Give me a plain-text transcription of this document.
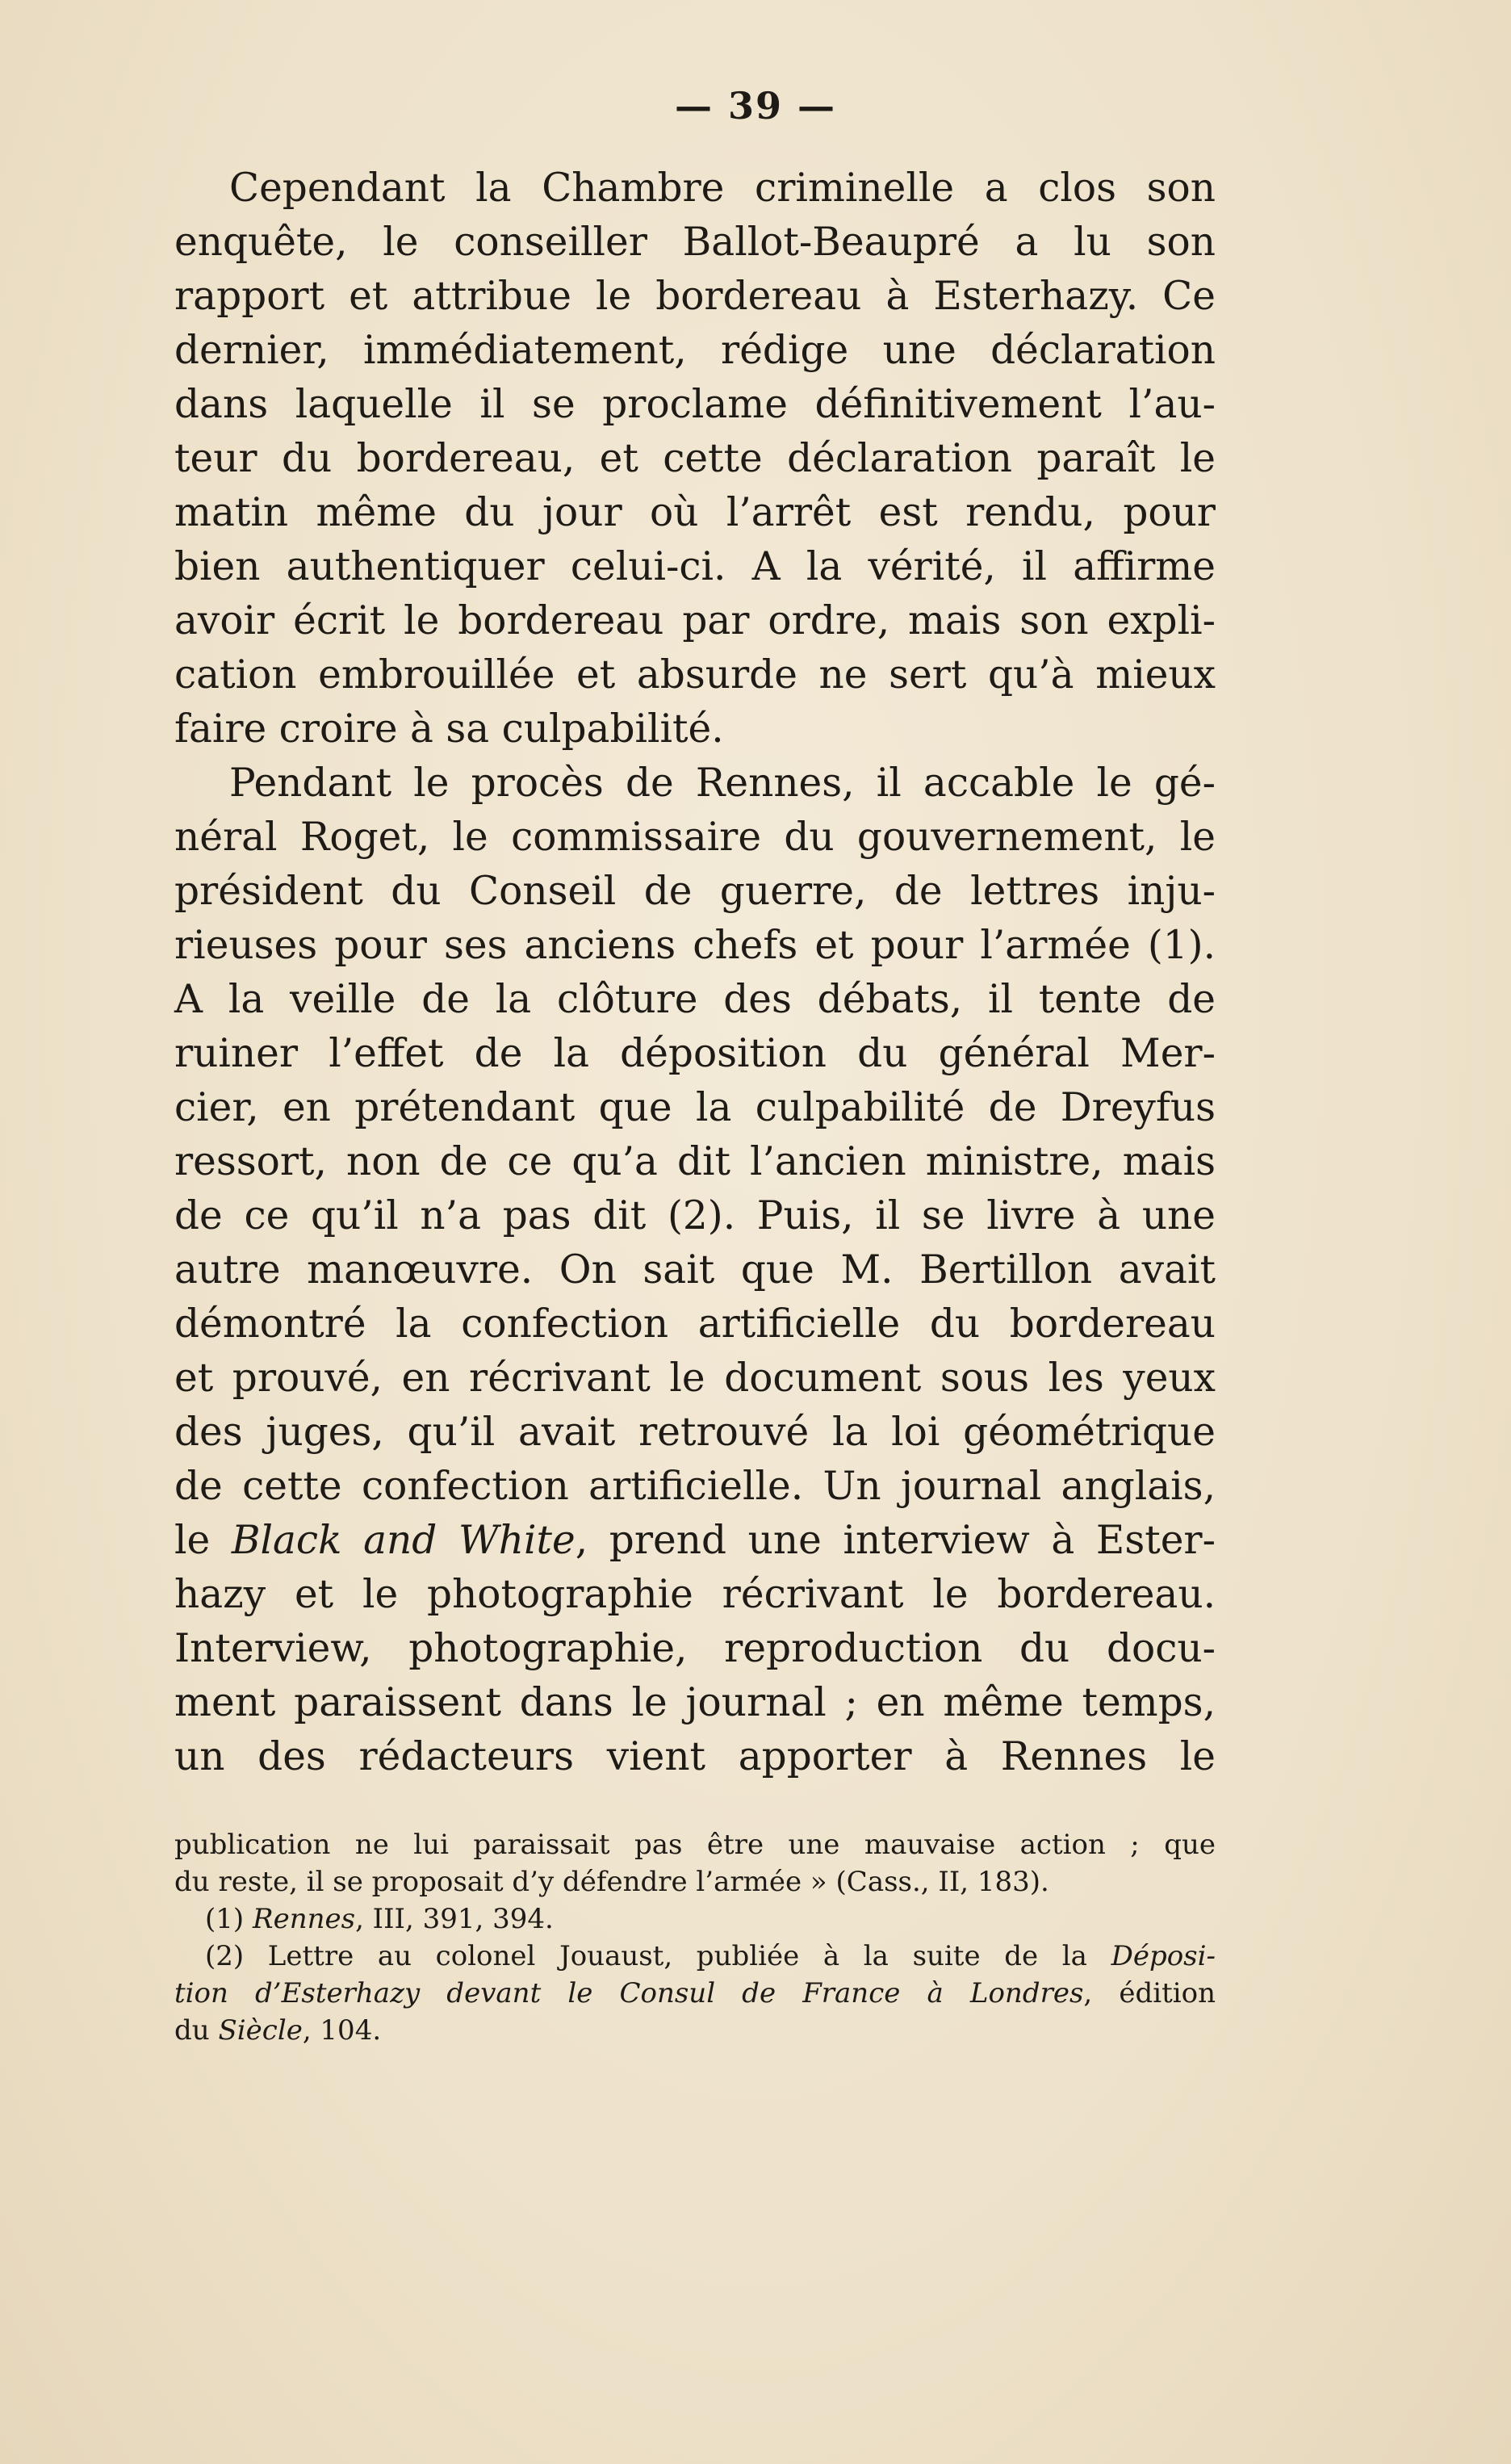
— 39 —
Cependant la Chambre criminelle a clos son
enquête, le conseiller Ballot-Beaupré a lu son
rapport et attribue le bordereau à Esterhazy. Ce
dernier, immédiatement, rédige une déclaration
dans laquelle il se proclame définitivement l’au-
teur du bordereau, et cette déclaration paraît le
matin même du jour où l’arrêt est rendu, pour
bien authentiquer celui-ci. A la vérité, il affirme
avoir écrit le bordereau par ordre, mais son expli-
cation embrouillée et absurde ne sert qu’à mieux
faire croire à sa culpabilité.
Pendant le procès de Rennes, il accable le gé-
néral Roget, le commissaire du gouvernement, le
président du Conseil de guerre, de lettres inju-
rieuses pour ses anciens chefs et pour l’armée (1).
A la veille de la clôture des débats, il tente de
ruiner l’effet de la déposition du général Mer-
cier, en prétendant que la culpabilité de Dreyfus
ressort, non de ce qu’a dit l’ancien ministre, mais
de ce qu’il n’a pas dit (2). Puis, il se livre à une
autre manœuvre. On sait que M. Bertillon avait
démontré la confection artificielle du bordereau
et prouvé, en récrivant le document sous les yeux
des juges, qu’il avait retrouvé la loi géométrique
de cette confection artificielle. Un journal anglais,
le Black and White, prend une interview à Ester-
hazy et le photographie récrivant le bordereau.
Interview, photographie, reproduction du docu-
ment paraissent dans le journal ; en même temps,
un des rédacteurs vient apporter à Rennes le
publication ne lui paraissait pas être une mauvaise action ; que
du reste, il se proposait d’y défendre l’armée » (Cass., II, 183).
(1) Rennes, III, 391, 394.
(2) Lettre au colonel Jouaust, publiée à la suite de la Déposi-
tion d’Esterhazy devant le Consul de France à Londres, édition
du Siècle, 104.
